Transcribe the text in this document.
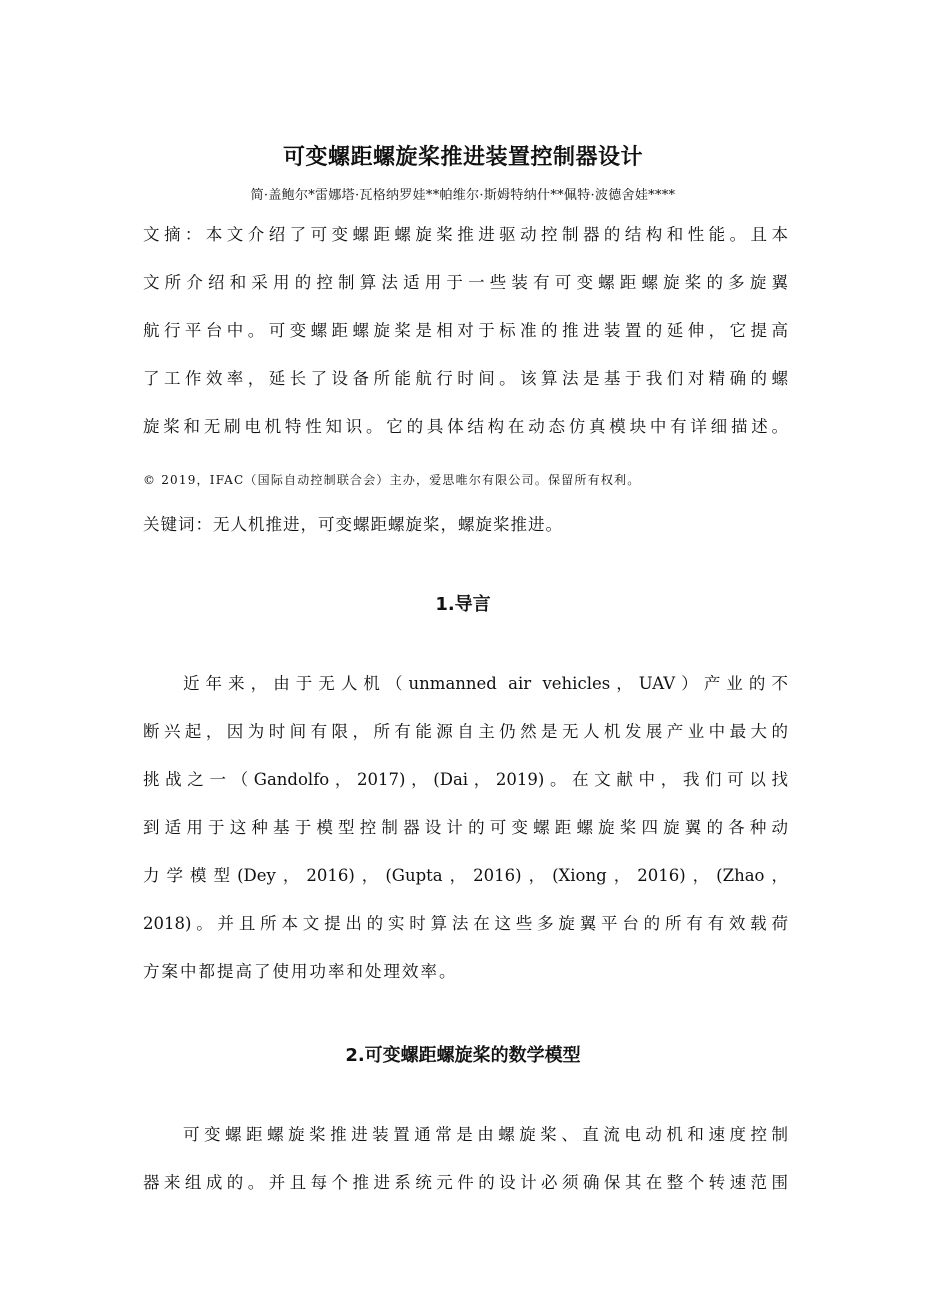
可变螺距螺旋桨推进装置控制器设计
简·盖鲍尔*雷娜塔·瓦格纳罗娃**帕维尔·斯姆特纳什**佩特·波德舍娃****
文摘：本文介绍了可变螺距螺旋桨推进驱动控制器的结构和性能。且本
文所介绍和采用的控制算法适用于一些装有可变螺距螺旋桨的多旋翼
航行平台中。可变螺距螺旋桨是相对于标准的推进装置的延伸，它提高
了工作效率，延长了设备所能航行时间。该算法是基于我们对精确的螺
旋桨和无刷电机特性知识。它的具体结构在动态仿真模块中有详细描述。
© 2019，IFAC（国际自动控制联合会）主办，爱思唯尔有限公司。保留所有权利。
关键词：无人机推进，可变螺距螺旋桨，螺旋桨推进。
1.导言
近年来，由于无人机（unmanned air vehicles，UAV）产业的不
断兴起，因为时间有限，所有能源自主仍然是无人机发展产业中最大的
挑战之一（Gandolfo，2017)，(Dai，2019)。在文献中，我们可以找
到适用于这种基于模型控制器设计的可变螺距螺旋桨四旋翼的各种动
力学模型(Dey，2016)，(Gupta，2016)，(Xiong，2016)，(Zhao，
2018)。并且所本文提出的实时算法在这些多旋翼平台的所有有效载荷
方案中都提高了使用功率和处理效率。
2.可变螺距螺旋桨的数学模型
可变螺距螺旋桨推进装置通常是由螺旋桨、直流电动机和速度控制
器来组成的。并且每个推进系统元件的设计必须确保其在整个转速范围
